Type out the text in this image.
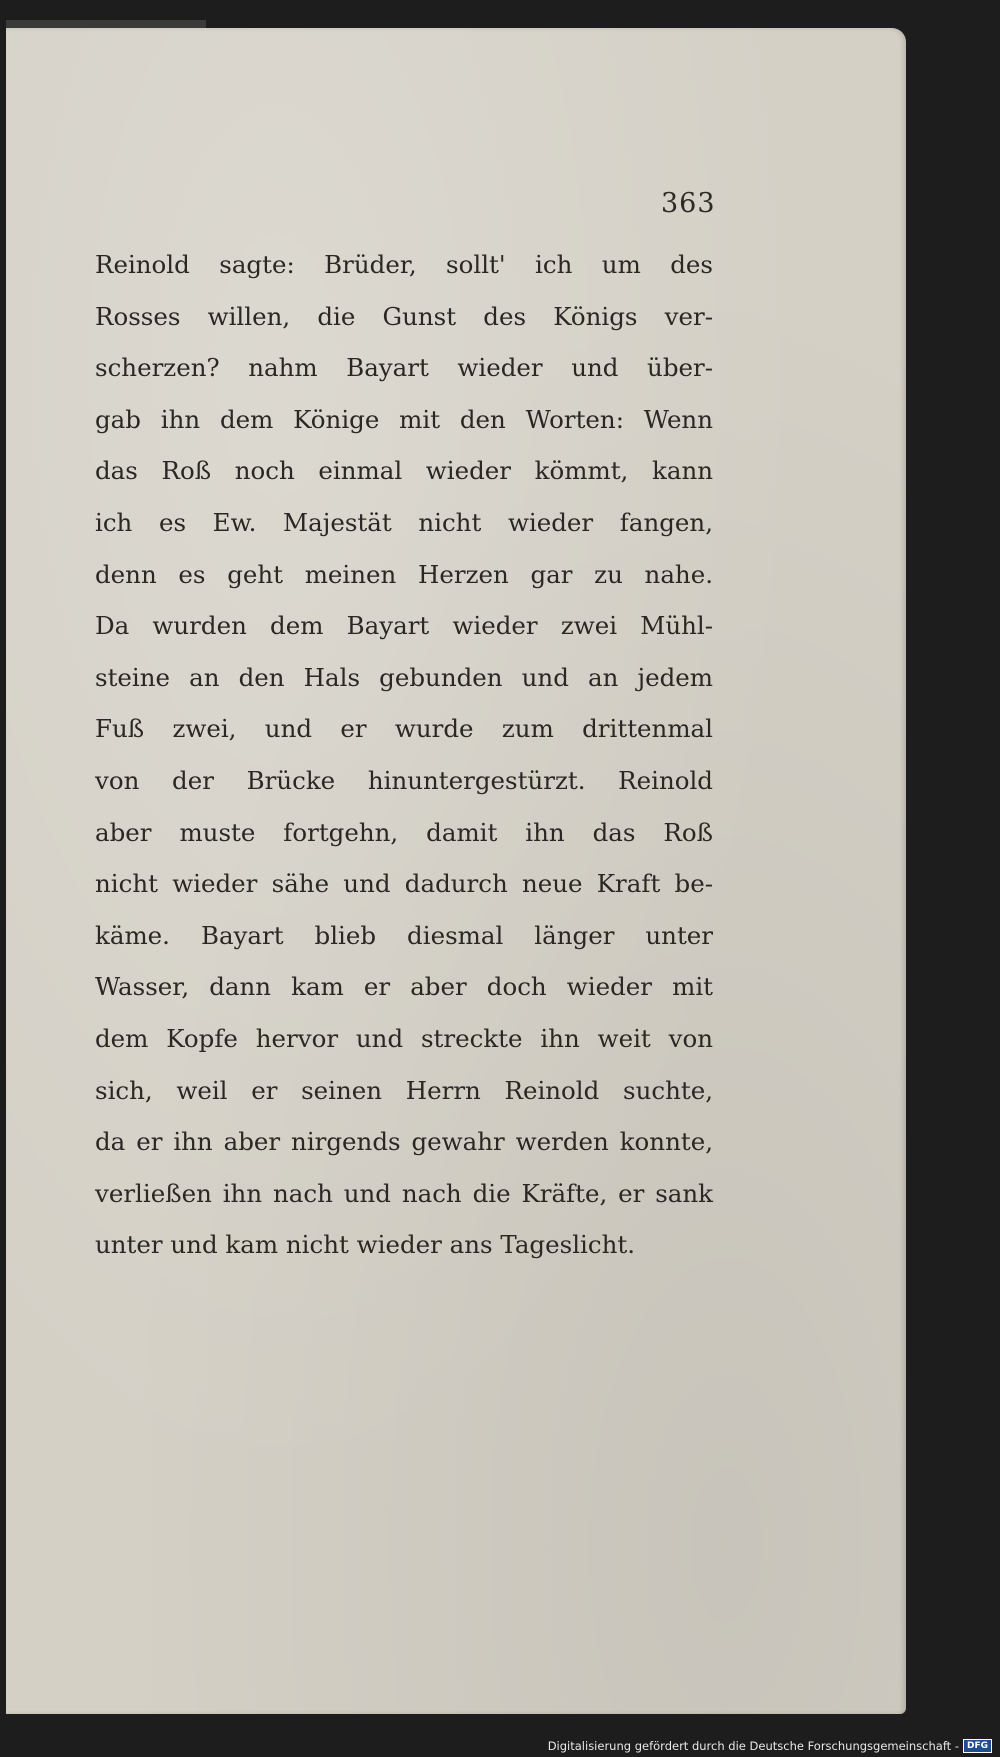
363
Reinold sagte: Brüder, sollt' ich um des
Rosses willen, die Gunst des Königs ver-
scherzen? nahm Bayart wieder und über-
gab ihn dem Könige mit den Worten: Wenn
das Roß noch einmal wieder kömmt, kann
ich es Ew. Majestät nicht wieder fangen,
denn es geht meinen Herzen gar zu nahe.
Da wurden dem Bayart wieder zwei Mühl-
steine an den Hals gebunden und an jedem
Fuß zwei, und er wurde zum drittenmal
von der Brücke hinuntergestürzt. Reinold
aber muste fortgehn, damit ihn das Roß
nicht wieder sähe und dadurch neue Kraft be-
käme. Bayart blieb diesmal länger unter
Wasser, dann kam er aber doch wieder mit
dem Kopfe hervor und streckte ihn weit von
sich, weil er seinen Herrn Reinold suchte,
da er ihn aber nirgends gewahr werden konnte,
verließen ihn nach und nach die Kräfte, er sank
unter und kam nicht wieder ans Tageslicht.
Digitalisierung gefördert durch die Deutsche Forschungsgemeinschaft - DFG
